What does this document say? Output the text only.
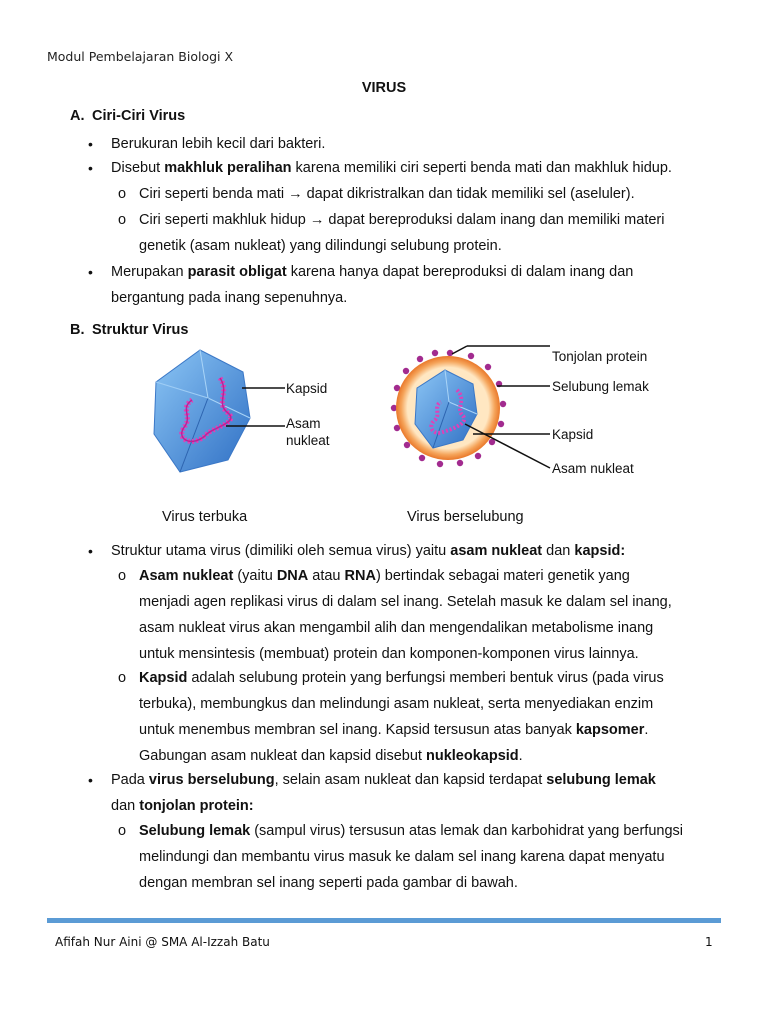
Modul Pembelajaran Biologi X
VIRUS
A. Ciri-Ciri Virus
• Berukuran lebih kecil dari bakteri.
• Disebut makhluk peralihan karena memiliki ciri seperti benda mati dan makhluk hidup.
o Ciri seperti benda mati → dapat dikristralkan dan tidak memiliki sel (aseluler).
o Ciri seperti makhluk hidup → dapat bereproduksi dalam inang dan memiliki materi
genetik (asam nukleat) yang dilindungi selubung protein.
• Merupakan parasit obligat karena hanya dapat bereproduksi di dalam inang dan
bergantung pada inang sepenuhnya.
B. Struktur Virus
Kapsid
Asam
nukleat
Tonjolan protein
Selubung lemak
Kapsid
Asam nukleat
Virus terbuka	Virus berselubung
• Struktur utama virus (dimiliki oleh semua virus) yaitu asam nukleat dan kapsid:
o Asam nukleat (yaitu DNA atau RNA) bertindak sebagai materi genetik yang
menjadi agen replikasi virus di dalam sel inang. Setelah masuk ke dalam sel inang,
asam nukleat virus akan mengambil alih dan mengendalikan metabolisme inang
untuk mensintesis (membuat) protein dan komponen-komponen virus lainnya.
o Kapsid adalah selubung protein yang berfungsi memberi bentuk virus (pada virus
terbuka), membungkus dan melindungi asam nukleat, serta menyediakan enzim
untuk menembus membran sel inang. Kapsid tersusun atas banyak kapsomer.
Gabungan asam nukleat dan kapsid disebut nukleokapsid.
• Pada virus berselubung, selain asam nukleat dan kapsid terdapat selubung lemak
dan tonjolan protein:
o Selubung lemak (sampul virus) tersusun atas lemak dan karbohidrat yang berfungsi
melindungi dan membantu virus masuk ke dalam sel inang karena dapat menyatu
dengan membran sel inang seperti pada gambar di bawah.
Afifah Nur Aini @ SMA Al-Izzah Batu	1
